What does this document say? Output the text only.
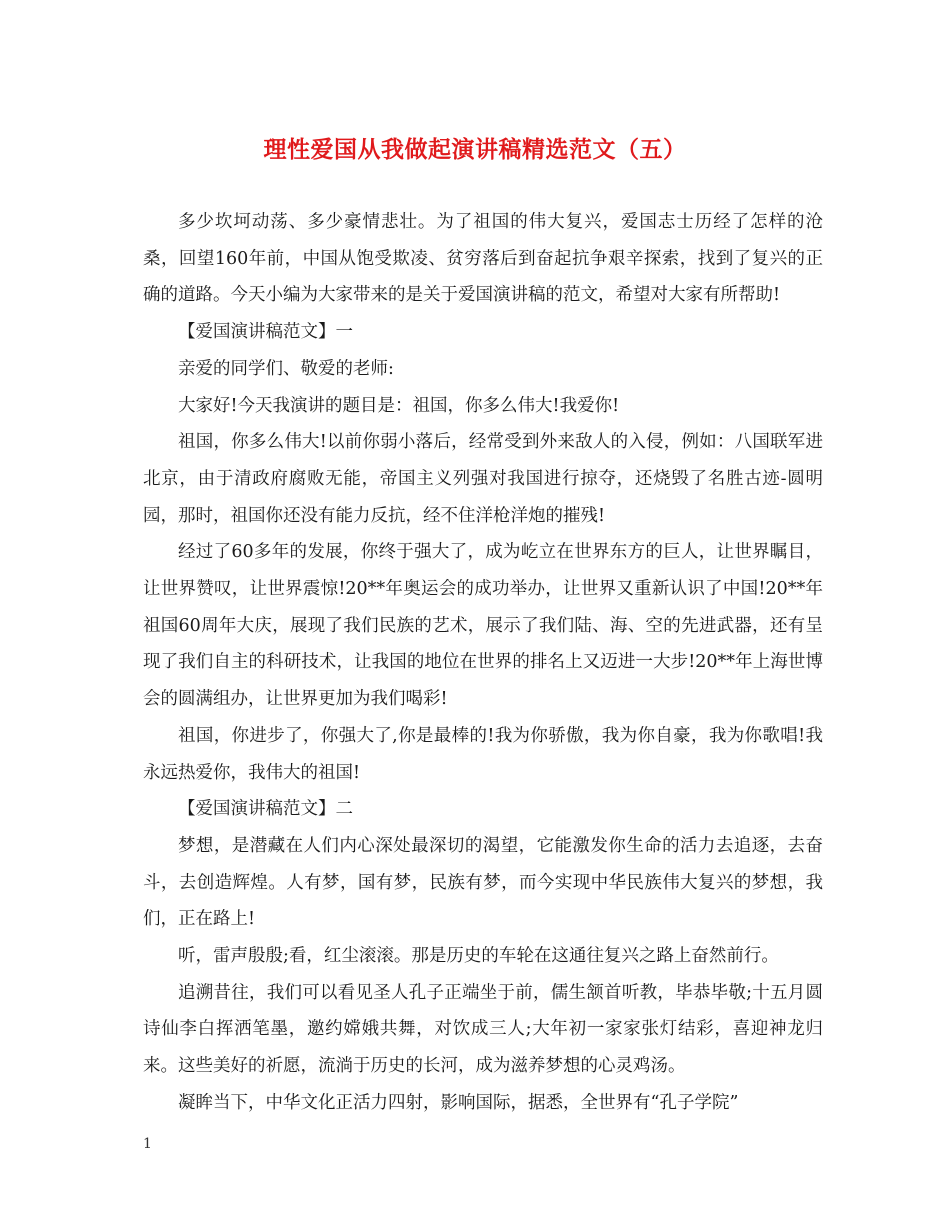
理性爱国从我做起演讲稿精选范文（五）

多少坎坷动荡、多少豪情悲壮。为了祖国的伟大复兴，爱国志士历经了怎样的沧桑，回望160年前，中国从饱受欺凌、贫穷落后到奋起抗争艰辛探索，找到了复兴的正确的道路。今天小编为大家带来的是关于爱国演讲稿的范文，希望对大家有所帮助!

【爱国演讲稿范文】一

亲爱的同学们、敬爱的老师:

大家好!今天我演讲的题目是：祖国，你多么伟大!我爱你!

祖国，你多么伟大!以前你弱小落后，经常受到外来敌人的入侵，例如：八国联军进北京，由于清政府腐败无能，帝国主义列强对我国进行掠夺，还烧毁了名胜古迹-圆明园，那时，祖国你还没有能力反抗，经不住洋枪洋炮的摧残!

经过了60多年的发展，你终于强大了，成为屹立在世界东方的巨人，让世界瞩目，让世界赞叹，让世界震惊!20**年奥运会的成功举办，让世界又重新认识了中国!20**年祖国60周年大庆，展现了我们民族的艺术，展示了我们陆、海、空的先进武器，还有呈现了我们自主的科研技术，让我国的地位在世界的排名上又迈进一大步!20**年上海世博会的圆满组办，让世界更加为我们喝彩!

祖国，你进步了，你强大了,你是最棒的!我为你骄傲，我为你自豪，我为你歌唱!我永远热爱你，我伟大的祖国!

【爱国演讲稿范文】二

梦想，是潜藏在人们内心深处最深切的渴望，它能激发你生命的活力去追逐，去奋斗，去创造辉煌。人有梦，国有梦，民族有梦，而今实现中华民族伟大复兴的梦想，我们，正在路上!

听，雷声殷殷;看，红尘滚滚。那是历史的车轮在这通往复兴之路上奋然前行。

追溯昔往，我们可以看见圣人孔子正端坐于前，儒生颔首听教，毕恭毕敬;十五月圆诗仙李白挥洒笔墨，邀约嫦娥共舞，对饮成三人;大年初一家家张灯结彩，喜迎神龙归来。这些美好的祈愿，流淌于历史的长河，成为滋养梦想的心灵鸡汤。

凝眸当下，中华文化正活力四射，影响国际，据悉，全世界有“孔子学院”

1
